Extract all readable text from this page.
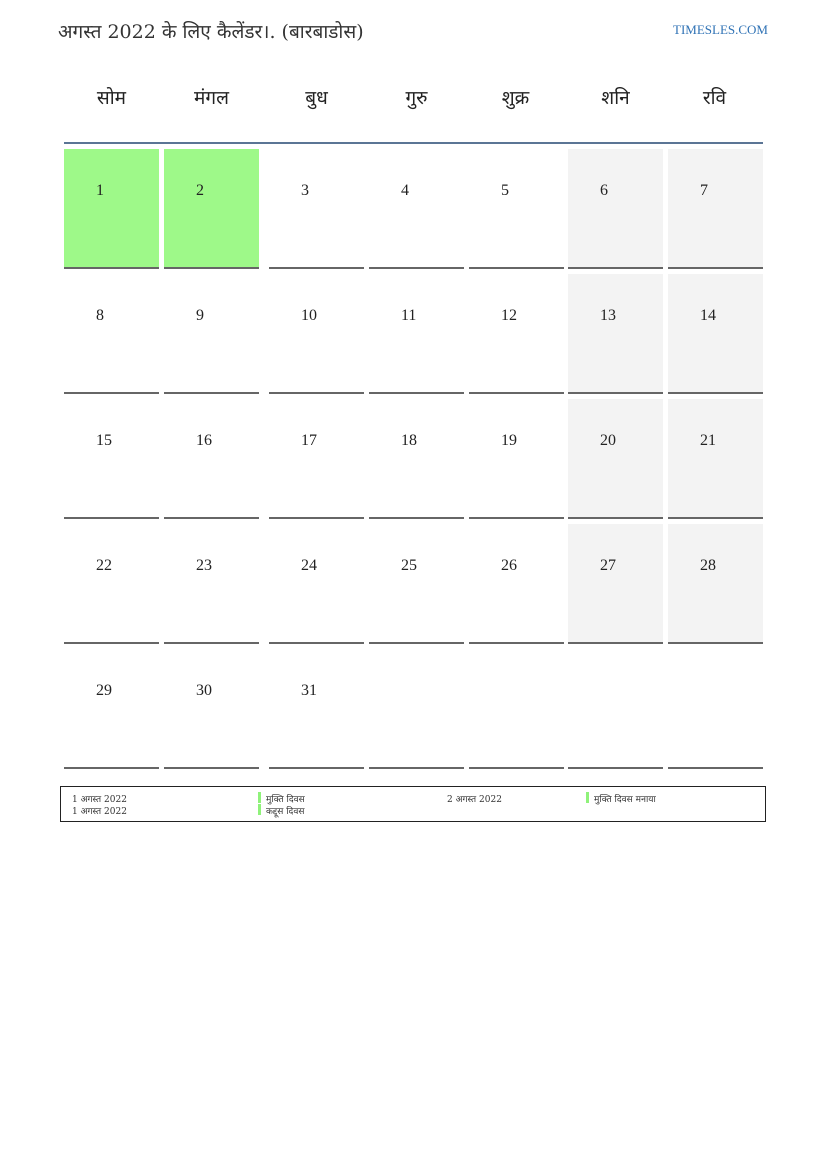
अगस्त 2022 के लिए कैलेंडर।. (बारबाडोस)	TIMESLES.COM
सोम	मंगल	बुध	गुरु	शुक्र	शनि	रवि
1	2	3	4	5	6	7
8	9	10	11	12	13	14
15	16	17	18	19	20	21
22	23	24	25	26	27	28
29	30	31
1 अगस्त 2022	मुक्ति दिवस
1 अगस्त 2022	कद्दूस दिवस
2 अगस्त 2022	मुक्ति दिवस मनाया
